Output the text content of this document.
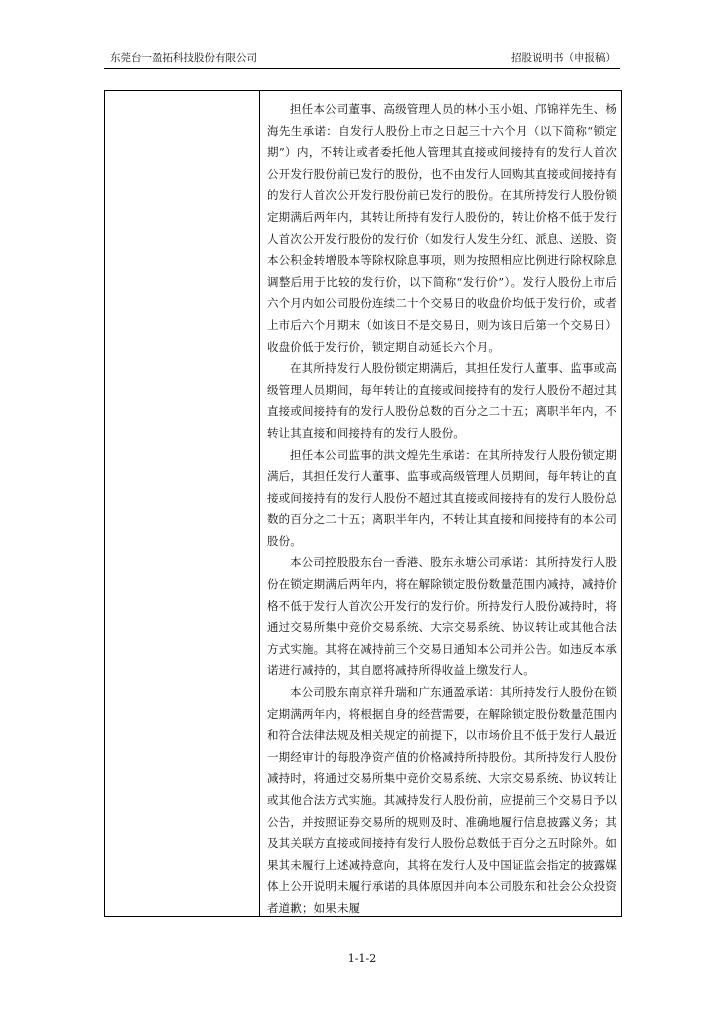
东莞台一盈拓科技股份有限公司	招股说明书（申报稿）

担任本公司董事、高级管理人员的林小玉小姐、邝锦祥先生、杨海先生承诺：自发行人股份上市之日起三十六个月（以下简称“锁定期”）内，不转让或者委托他人管理其直接或间接持有的发行人首次公开发行股份前已发行的股份，也不由发行人回购其直接或间接持有的发行人首次公开发行股份前已发行的股份。在其所持发行人股份锁定期满后两年内，其转让所持有发行人股份的，转让价格不低于发行人首次公开发行股份的发行价（如发行人发生分红、派息、送股、资本公积金转增股本等除权除息事项，则为按照相应比例进行除权除息调整后用于比较的发行价，以下简称“发行价”）。发行人股份上市后六个月内如公司股份连续二十个交易日的收盘价均低于发行价，或者上市后六个月期末（如该日不是交易日，则为该日后第一个交易日）收盘价低于发行价，锁定期自动延长六个月。

在其所持发行人股份锁定期满后，其担任发行人董事、监事或高级管理人员期间，每年转让的直接或间接持有的发行人股份不超过其直接或间接持有的发行人股份总数的百分之二十五；离职半年内，不转让其直接和间接持有的发行人股份。

担任本公司监事的洪文煌先生承诺：在其所持发行人股份锁定期满后，其担任发行人董事、监事或高级管理人员期间，每年转让的直接或间接持有的发行人股份不超过其直接或间接持有的发行人股份总数的百分之二十五；离职半年内，不转让其直接和间接持有的本公司股份。

本公司控股股东台一香港、股东永塘公司承诺：其所持发行人股份在锁定期满后两年内，将在解除锁定股份数量范围内减持，减持价格不低于发行人首次公开发行的发行价。所持发行人股份减持时，将通过交易所集中竞价交易系统、大宗交易系统、协议转让或其他合法方式实施。其将在减持前三个交易日通知本公司并公告。如违反本承诺进行减持的，其自愿将减持所得收益上缴发行人。

本公司股东南京祥升瑞和广东通盈承诺：其所持发行人股份在锁定期满两年内，将根据自身的经营需要，在解除锁定股份数量范围内和符合法律法规及相关规定的前提下，以市场价且不低于发行人最近一期经审计的每股净资产值的价格减持所持股份。其所持发行人股份减持时，将通过交易所集中竞价交易系统、大宗交易系统、协议转让或其他合法方式实施。其减持发行人股份前，应提前三个交易日予以公告，并按照证券交易所的规则及时、准确地履行信息披露义务；其及其关联方直接或间接持有发行人股份总数低于百分之五时除外。如果其未履行上述减持意向，其将在发行人及中国证监会指定的披露媒体上公开说明未履行承诺的具体原因并向本公司股东和社会公众投资者道歉；如果未履

1-1-2
